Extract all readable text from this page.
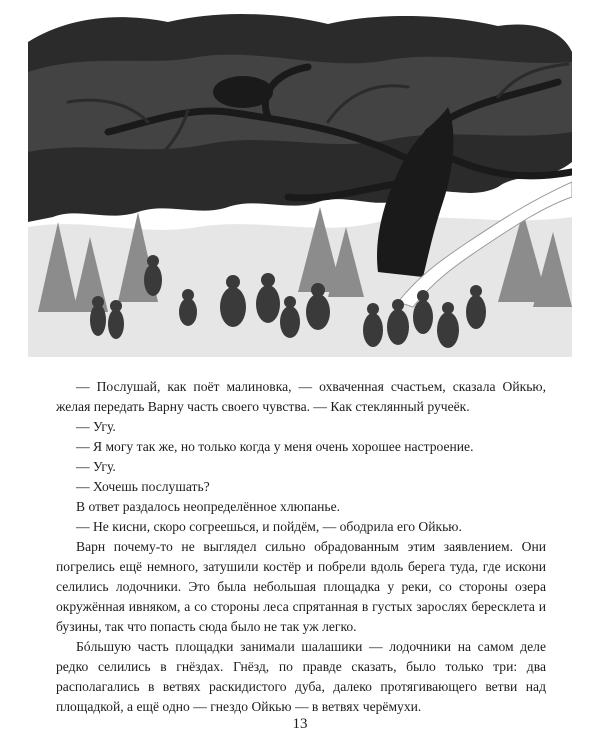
— Послушай, как поёт малиновка, — охваченная счастьем, сказала Ойкью, желая передать Варну часть своего чувства. — Как стеклянный ручеёк.

— Угу.

— Я могу так же, но только когда у меня очень хорошее настроение.

— Угу.

— Хочешь послушать?

В ответ раздалось неопределённое хлюпанье.

— Не кисни, скоро согреешься, и пойдём, — ободрила его Ойкью.

Варн почему-то не выглядел сильно обрадованным этим заявлением. Они погрелись ещё немного, затушили костёр и побрели вдоль берега туда, где искони селились лодочники. Это была небольшая площадка у реки, со стороны озера окружённая ивняком, а со стороны леса спрятанная в густых зарослях бересклета и бузины, так что попасть сюда было не так уж легко.

Бóльшую часть площадки занимали шалашики — лодочники на самом деле редко селились в гнёздах. Гнёзд, по правде сказать, было только три: два располагались в ветвях раскидистого дуба, далеко протягивающего ветви над площадкой, а ещё одно — гнездо Ойкью — в ветвях черёмухи.

13
